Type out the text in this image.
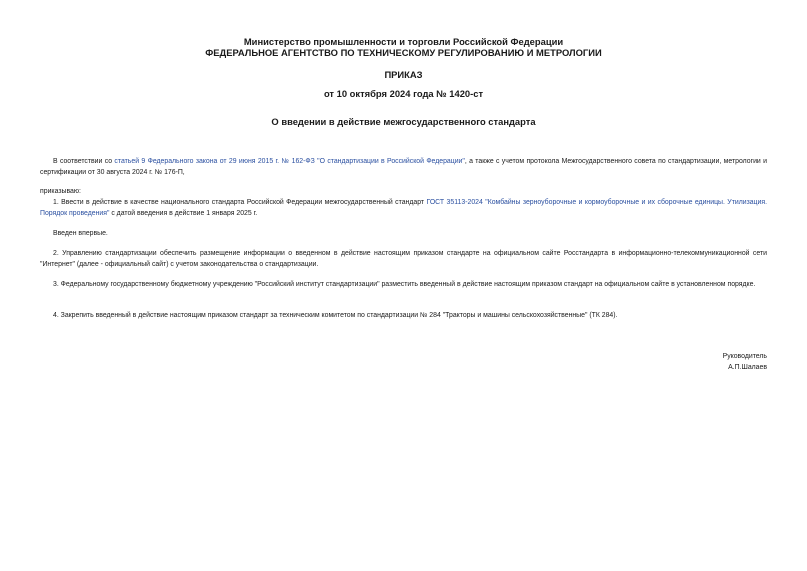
Министерство промышленности и торговли Российской Федерации
ФЕДЕРАЛЬНОЕ АГЕНТСТВО ПО ТЕХНИЧЕСКОМУ РЕГУЛИРОВАНИЮ И МЕТРОЛОГИИ
ПРИКАЗ
от 10 октября 2024 года № 1420-ст
О введении в действие межгосударственного стандарта
В соответствии со статьей 9 Федерального закона от 29 июня 2015 г. № 162-ФЗ "О стандартизации в Российской Федерации", а также с учетом протокола Межгосударственного совета по стандартизации, метрологии и сертификации от 30 августа 2024 г. № 176-П,
приказываю:
1. Ввести в действие в качестве национального стандарта Российской Федерации межгосударственный стандарт ГОСТ 35113-2024 "Комбайны зерноуборочные и кормоуборочные и их сборочные единицы. Утилизация. Порядок проведения" с датой введения в действие 1 января 2025 г.
Введен впервые.
2. Управлению стандартизации обеспечить размещение информации о введенном в действие настоящим приказом стандарте на официальном сайте Росстандарта в информационно-телекоммуникационной сети "Интернет" (далее - официальный сайт) с учетом законодательства о стандартизации.
3. Федеральному государственному бюджетному учреждению "Российский институт стандартизации" разместить введенный в действие настоящим приказом стандарт на официальном сайте в установленном порядке.
4. Закрепить введенный в действие настоящим приказом стандарт за техническим комитетом по стандартизации № 284 "Тракторы и машины сельскохозяйственные" (ТК 284).
Руководитель
А.П.Шалаев
